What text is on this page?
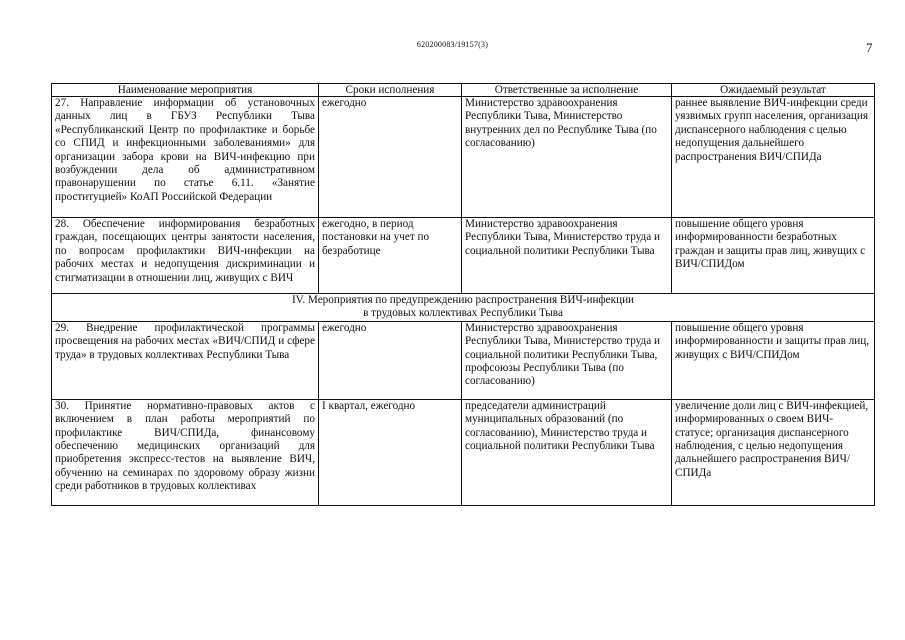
620200083/19157(3)	7
Наименование мероприятия	Сроки исполнения	Ответственные за исполнение	Ожидаемый результат
27. Направление информации об установочных данных лиц в ГБУЗ Республики Тыва «Республиканский Центр по профилактике и борьбе со СПИД и инфекционными заболеваниями» для организации забора крови на ВИЧ-инфекцию при возбуждении дела об административном правонарушении по статье 6.11. «Занятие проституцией» КоАП Российской Федерации	ежегодно	Министерство здравоохранения Республики Тыва, Министерство внутренних дел по Республике Тыва (по согласованию)	раннее выявление ВИЧ-инфекции среди уязвимых групп населения, организация диспансерного наблюдения с целью недопущения дальнейшего распространения ВИЧ/СПИДа
28. Обеспечение информирования безработных граждан, посещающих центры занятости населения, по вопросам профилактики ВИЧ-инфекции на рабочих местах и недопущения дискриминации и стигматизации в отношении лиц, живущих с ВИЧ	ежегодно, в период постановки на учет по безработице	Министерство здравоохранения Республики Тыва, Министерство труда и социальной политики Республики Тыва	повышение общего уровня информированности безработных граждан и защиты прав лиц, живущих с ВИЧ/СПИДом

IV. Мероприятия по предупреждению распространения ВИЧ-инфекции
в трудовых коллективах Республики Тыва			

29. Внедрение профилактической программы просвещения на рабочих местах «ВИЧ/СПИД и сфере труда» в трудовых коллективах Республики Тыва	ежегодно	Министерство здравоохранения Республики Тыва, Министерство труда и социальной политики Республики Тыва, профсоюзы Республики Тыва (по согласованию)	повышение общего уровня информированности и защиты прав лиц, живущих с ВИЧ/СПИДом
30. Принятие нормативно-правовых актов с включением в план работы мероприятий по профилактике ВИЧ/СПИДа, финансовому обеспечению медицинских организаций для приобретения экспресс-тестов на выявление ВИЧ, обучению на семинарах по здоровому образу жизни среди работников в трудовых коллективах	I квартал, ежегодно	председатели администраций муниципальных образований (по согласованию), Министерство труда и социальной политики Республики Тыва	увеличение доли лиц с ВИЧ-инфекцией, информированных о своем ВИЧ-статусе; организация диспансерного наблюдения, с целью недопущения дальнейшего распространения ВИЧ/СПИДа
